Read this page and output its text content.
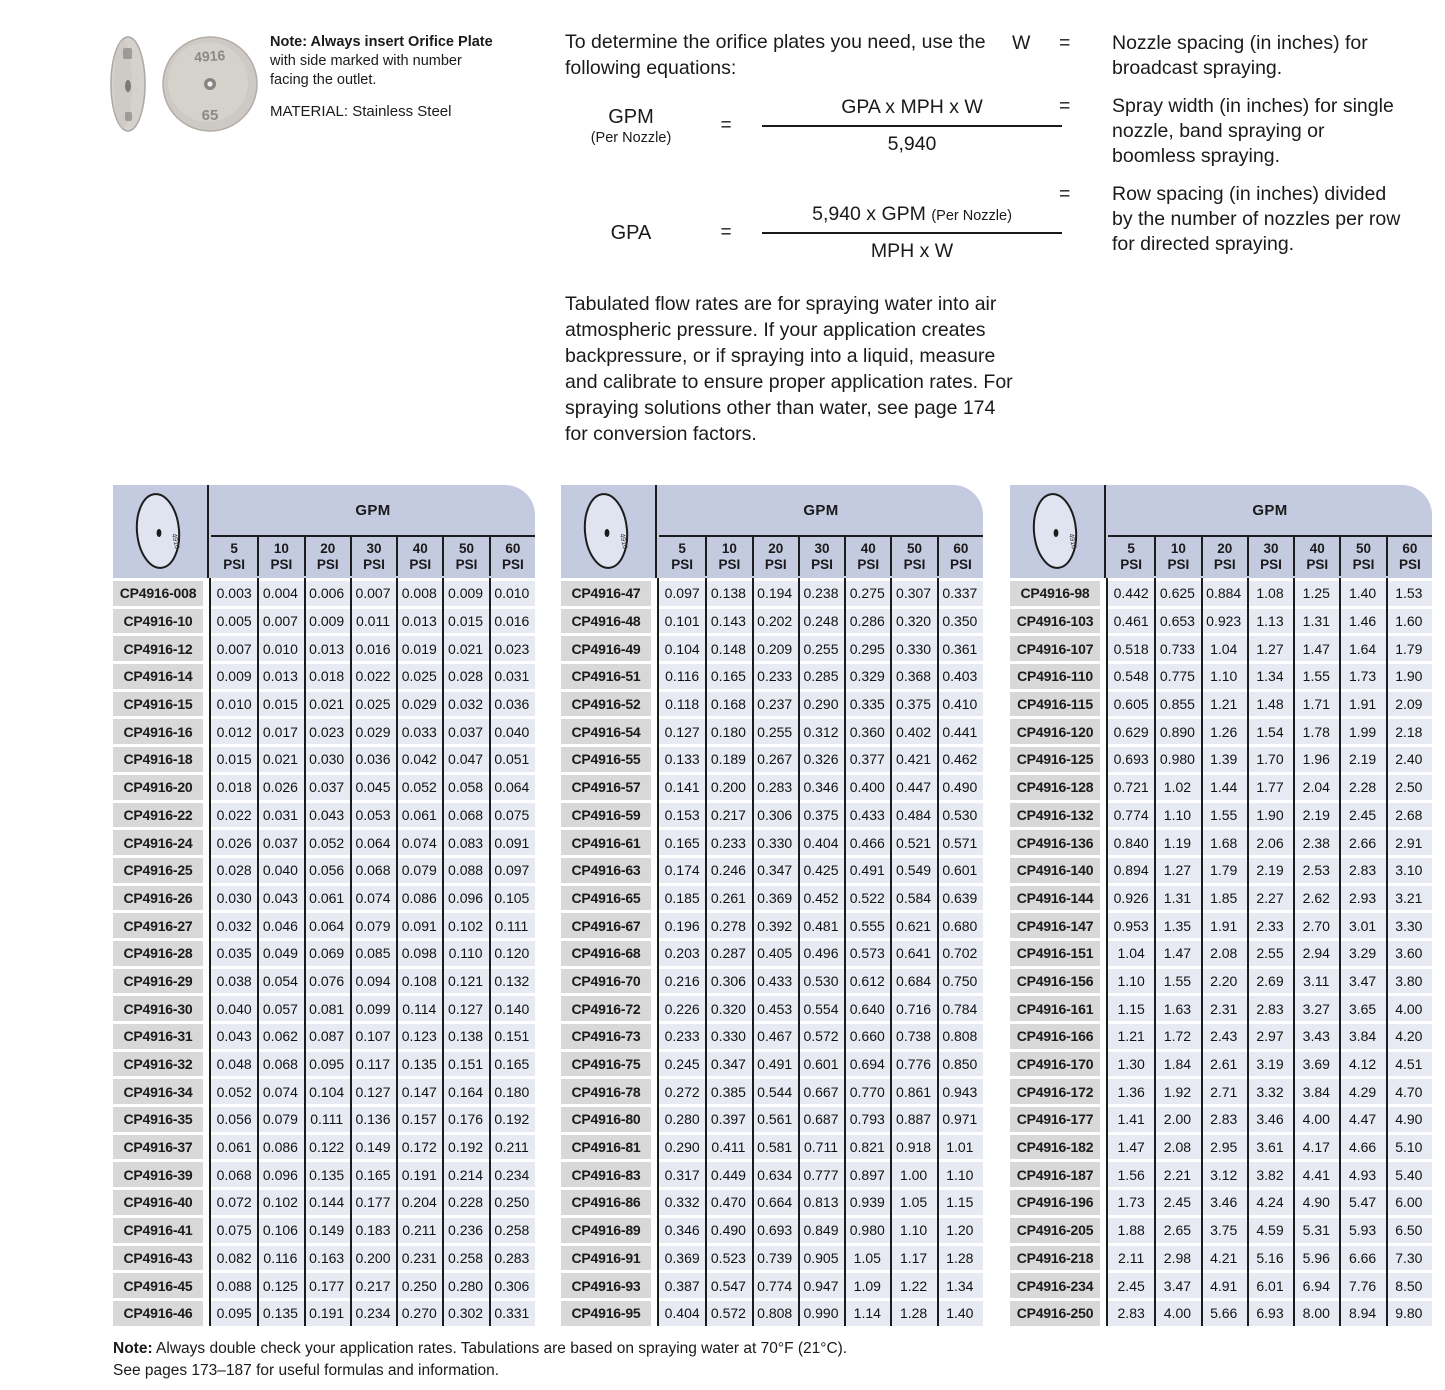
4916
65

Note: Always insert Orifice Plate with side marked with number facing the outlet.

MATERIAL: Stainless Steel

To determine the orifice plates you need, use the following equations:

GPM
(Per Nozzle)
=	$\frac{\text{GPA x MPH x W}}{5,940}$
GPA	=	$\frac{\text{5,940 x GPM (Per Nozzle)}}{\text{MPH x W}}$

Tabulated flow rates are for spraying water into air atmospheric pressure. If your application creates backpressure, or if spraying into a liquid, measure and calibrate to ensure proper application rates. For spraying solutions other than water, see page 174 for conversion factors.

W	=	Nozzle spacing (in inches) for broadcast spraying.
=	Spray width (in inches) for single nozzle, band spraying or boomless spraying.
=	Row spacing (in inches) divided by the number of nozzles per row for directed spraying.
4916
GPM
5
PSI
10
PSI
20
PSI
30
PSI
40
PSI
50
PSI
60
PSI
CP4916-008	0.003 0.004 0.006 0.007 0.008 0.009 0.010
CP4916-10	0.005 0.007 0.009 0.011 0.013 0.015 0.016
CP4916-12	0.007 0.010 0.013 0.016 0.019 0.021 0.023
CP4916-14	0.009 0.013 0.018 0.022 0.025 0.028 0.031
CP4916-15	0.010 0.015 0.021 0.025 0.029 0.032 0.036
CP4916-16	0.012 0.017 0.023 0.029 0.033 0.037 0.040
CP4916-18	0.015 0.021 0.030 0.036 0.042 0.047 0.051
CP4916-20	0.018 0.026 0.037 0.045 0.052 0.058 0.064
CP4916-22	0.022 0.031 0.043 0.053 0.061 0.068 0.075
CP4916-24	0.026 0.037 0.052 0.064 0.074 0.083 0.091
CP4916-25	0.028 0.040 0.056 0.068 0.079 0.088 0.097
CP4916-26	0.030 0.043 0.061 0.074 0.086 0.096 0.105
CP4916-27	0.032 0.046 0.064 0.079 0.091 0.102 0.111
CP4916-28	0.035 0.049 0.069 0.085 0.098 0.110 0.120
CP4916-29	0.038 0.054 0.076 0.094 0.108 0.121 0.132
CP4916-30	0.040 0.057 0.081 0.099 0.114 0.127 0.140
CP4916-31	0.043 0.062 0.087 0.107 0.123 0.138 0.151
CP4916-32	0.048 0.068 0.095 0.117 0.135 0.151 0.165
CP4916-34	0.052 0.074 0.104 0.127 0.147 0.164 0.180
CP4916-35	0.056 0.079 0.111 0.136 0.157 0.176 0.192
CP4916-37	0.061 0.086 0.122 0.149 0.172 0.192 0.211
CP4916-39	0.068 0.096 0.135 0.165 0.191 0.214 0.234
CP4916-40	0.072 0.102 0.144 0.177 0.204 0.228 0.250
CP4916-41	0.075 0.106 0.149 0.183 0.211 0.236 0.258
CP4916-43	0.082 0.116 0.163 0.200 0.231 0.258 0.283
CP4916-45	0.088 0.125 0.177 0.217 0.250 0.280 0.306
CP4916-46	0.095 0.135 0.191 0.234 0.270 0.302 0.331
4916
GPM
5
PSI
10
PSI
20
PSI
30
PSI
40
PSI
50
PSI
60
PSI
CP4916-47	0.097 0.138 0.194 0.238 0.275 0.307 0.337
CP4916-48	0.101 0.143 0.202 0.248 0.286 0.320 0.350
CP4916-49	0.104 0.148 0.209 0.255 0.295 0.330 0.361
CP4916-51	0.116 0.165 0.233 0.285 0.329 0.368 0.403
CP4916-52	0.118 0.168 0.237 0.290 0.335 0.375 0.410
CP4916-54	0.127 0.180 0.255 0.312 0.360 0.402 0.441
CP4916-55	0.133 0.189 0.267 0.326 0.377 0.421 0.462
CP4916-57	0.141 0.200 0.283 0.346 0.400 0.447 0.490
CP4916-59	0.153 0.217 0.306 0.375 0.433 0.484 0.530
CP4916-61	0.165 0.233 0.330 0.404 0.466 0.521 0.571
CP4916-63	0.174 0.246 0.347 0.425 0.491 0.549 0.601
CP4916-65	0.185 0.261 0.369 0.452 0.522 0.584 0.639
CP4916-67	0.196 0.278 0.392 0.481 0.555 0.621 0.680
CP4916-68	0.203 0.287 0.405 0.496 0.573 0.641 0.702
CP4916-70	0.216 0.306 0.433 0.530 0.612 0.684 0.750
CP4916-72	0.226 0.320 0.453 0.554 0.640 0.716 0.784
CP4916-73	0.233 0.330 0.467 0.572 0.660 0.738 0.808
CP4916-75	0.245 0.347 0.491 0.601 0.694 0.776 0.850
CP4916-78	0.272 0.385 0.544 0.667 0.770 0.861 0.943
CP4916-80	0.280 0.397 0.561 0.687 0.793 0.887 0.971
CP4916-81	0.290 0.411 0.581 0.711 0.821 0.918	1.01
CP4916-83	0.317 0.449 0.634 0.777 0.897	1.00	1.10
CP4916-86	0.332 0.470 0.664 0.813 0.939	1.05	1.15
CP4916-89	0.346 0.490 0.693 0.849 0.980	1.10	1.20
CP4916-91	0.369 0.523 0.739 0.905	1.05	1.17	1.28
CP4916-93	0.387 0.547 0.774 0.947	1.09	1.22	1.34
CP4916-95	0.404 0.572 0.808 0.990	1.14	1.28	1.40
4916
GPM
5
PSI
10
PSI
20
PSI
30
PSI
40
PSI
50
PSI
60
PSI
CP4916-98	0.442 0.625 0.884	1.08	1.25	1.40	1.53
CP4916-103	0.461 0.653 0.923	1.13	1.31	1.46	1.60
CP4916-107	0.518 0.733	1.04	1.27	1.47	1.64	1.79
CP4916-110	0.548 0.775	1.10	1.34	1.55	1.73	1.90
CP4916-115	0.605 0.855	1.21	1.48	1.71	1.91	2.09
CP4916-120	0.629 0.890	1.26	1.54	1.78	1.99	2.18
CP4916-125	0.693 0.980	1.39	1.70	1.96	2.19	2.40
CP4916-128	0.721	1.02	1.44	1.77	2.04	2.28	2.50
CP4916-132	0.774	1.10	1.55	1.90	2.19	2.45	2.68
CP4916-136	0.840	1.19	1.68	2.06	2.38	2.66	2.91
CP4916-140	0.894	1.27	1.79	2.19	2.53	2.83	3.10
CP4916-144	0.926	1.31	1.85	2.27	2.62	2.93	3.21
CP4916-147	0.953	1.35	1.91	2.33	2.70	3.01	3.30
CP4916-151	1.04	1.47	2.08	2.55	2.94	3.29	3.60
CP4916-156	1.10	1.55	2.20	2.69	3.11	3.47	3.80
CP4916-161	1.15	1.63	2.31	2.83	3.27	3.65	4.00
CP4916-166	1.21	1.72	2.43	2.97	3.43	3.84	4.20
CP4916-170	1.30	1.84	2.61	3.19	3.69	4.12	4.51
CP4916-172	1.36	1.92	2.71	3.32	3.84	4.29	4.70
CP4916-177	1.41	2.00	2.83	3.46	4.00	4.47	4.90
CP4916-182	1.47	2.08	2.95	3.61	4.17	4.66	5.10
CP4916-187	1.56	2.21	3.12	3.82	4.41	4.93	5.40
CP4916-196	1.73	2.45	3.46	4.24	4.90	5.47	6.00
CP4916-205	1.88	2.65	3.75	4.59	5.31	5.93	6.50
CP4916-218	2.11	2.98	4.21	5.16	5.96	6.66	7.30
CP4916-234	2.45	3.47	4.91	6.01	6.94	7.76	8.50
CP4916-250	2.83	4.00	5.66	6.93	8.00	8.94	9.80

Note: Always double check your application rates. Tabulations are based on spraying water at 70°F (21°C).

See pages 173–187 for useful formulas and information.
